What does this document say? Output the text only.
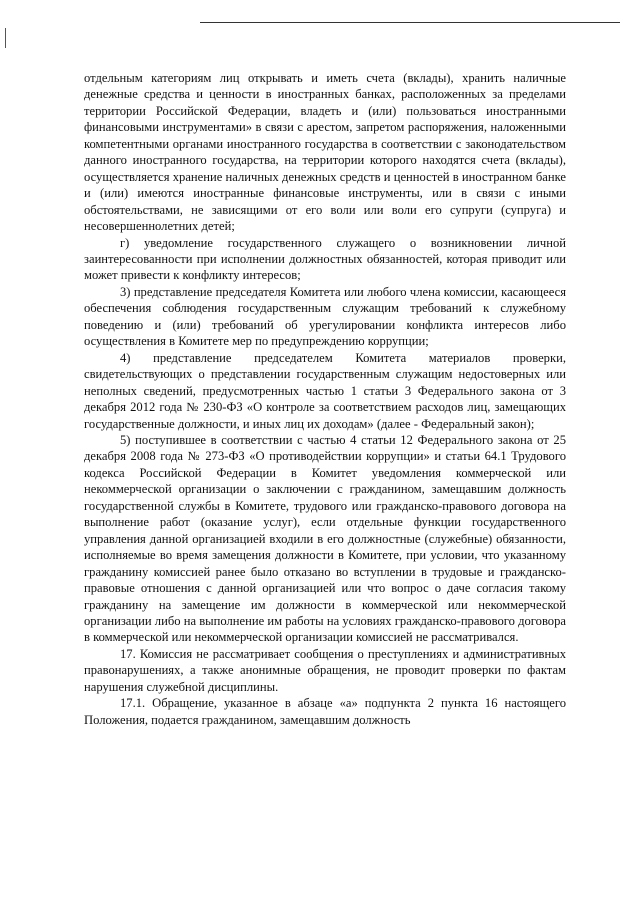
отдельным категориям лиц открывать и иметь счета (вклады), хранить наличные денежные средства и ценности в иностранных банках, расположенных за пределами территории Российской Федерации, владеть и (или) пользоваться иностранными финансовыми инструментами» в связи с арестом, запретом распоряжения, наложенными компетентными органами иностранного государства в соответствии с законодательством данного иностранного государства, на территории которого находятся счета (вклады), осуществляется хранение наличных денежных средств и ценностей в иностранном банке и (или) имеются иностранные финансовые инструменты, или в связи с иными обстоятельствами, не зависящими от его воли или воли его супруги (супруга) и несовершеннолетних детей;

г) уведомление государственного служащего о возникновении личной заинтересованности при исполнении должностных обязанностей, которая приводит или может привести к конфликту интересов;

3) представление председателя Комитета или любого члена комиссии, касающееся обеспечения соблюдения государственным служащим требований к служебному поведению и (или) требований об урегулировании конфликта интересов либо осуществления в Комитете мер по предупреждению коррупции;

4) представление председателем Комитета материалов проверки, свидетельствующих о представлении государственным служащим недостоверных или неполных сведений, предусмотренных частью 1 статьи 3 Федерального закона от 3 декабря 2012 года № 230-ФЗ «О контроле за соответствием расходов лиц, замещающих государственные должности, и иных лиц их доходам» (далее - Федеральный закон);

5) поступившее в соответствии с частью 4 статьи 12 Федерального закона от 25 декабря 2008 года № 273-ФЗ «О противодействии коррупции» и статьи 64.1 Трудового кодекса Российской Федерации в Комитет уведомления коммерческой или некоммерческой организации о заключении с гражданином, замещавшим должность государственной службы в Комитете, трудового или гражданско-правового договора на выполнение работ (оказание услуг), если отдельные функции государственного управления данной организацией входили в его должностные (служебные) обязанности, исполняемые во время замещения должности в Комитете, при условии, что указанному гражданину комиссией ранее было отказано во вступлении в трудовые и гражданско-правовые отношения с данной организацией или что вопрос о даче согласия такому гражданину на замещение им должности в коммерческой или некоммерческой организации либо на выполнение им работы на условиях гражданско-правового договора в коммерческой или некоммерческой организации комиссией не рассматривался.

17. Комиссия не рассматривает сообщения о преступлениях и административных правонарушениях, а также анонимные обращения, не проводит проверки по фактам нарушения служебной дисциплины.

17.1. Обращение, указанное в абзаце «а» подпункта 2 пункта 16 настоящего Положения, подается гражданином, замещавшим должность
